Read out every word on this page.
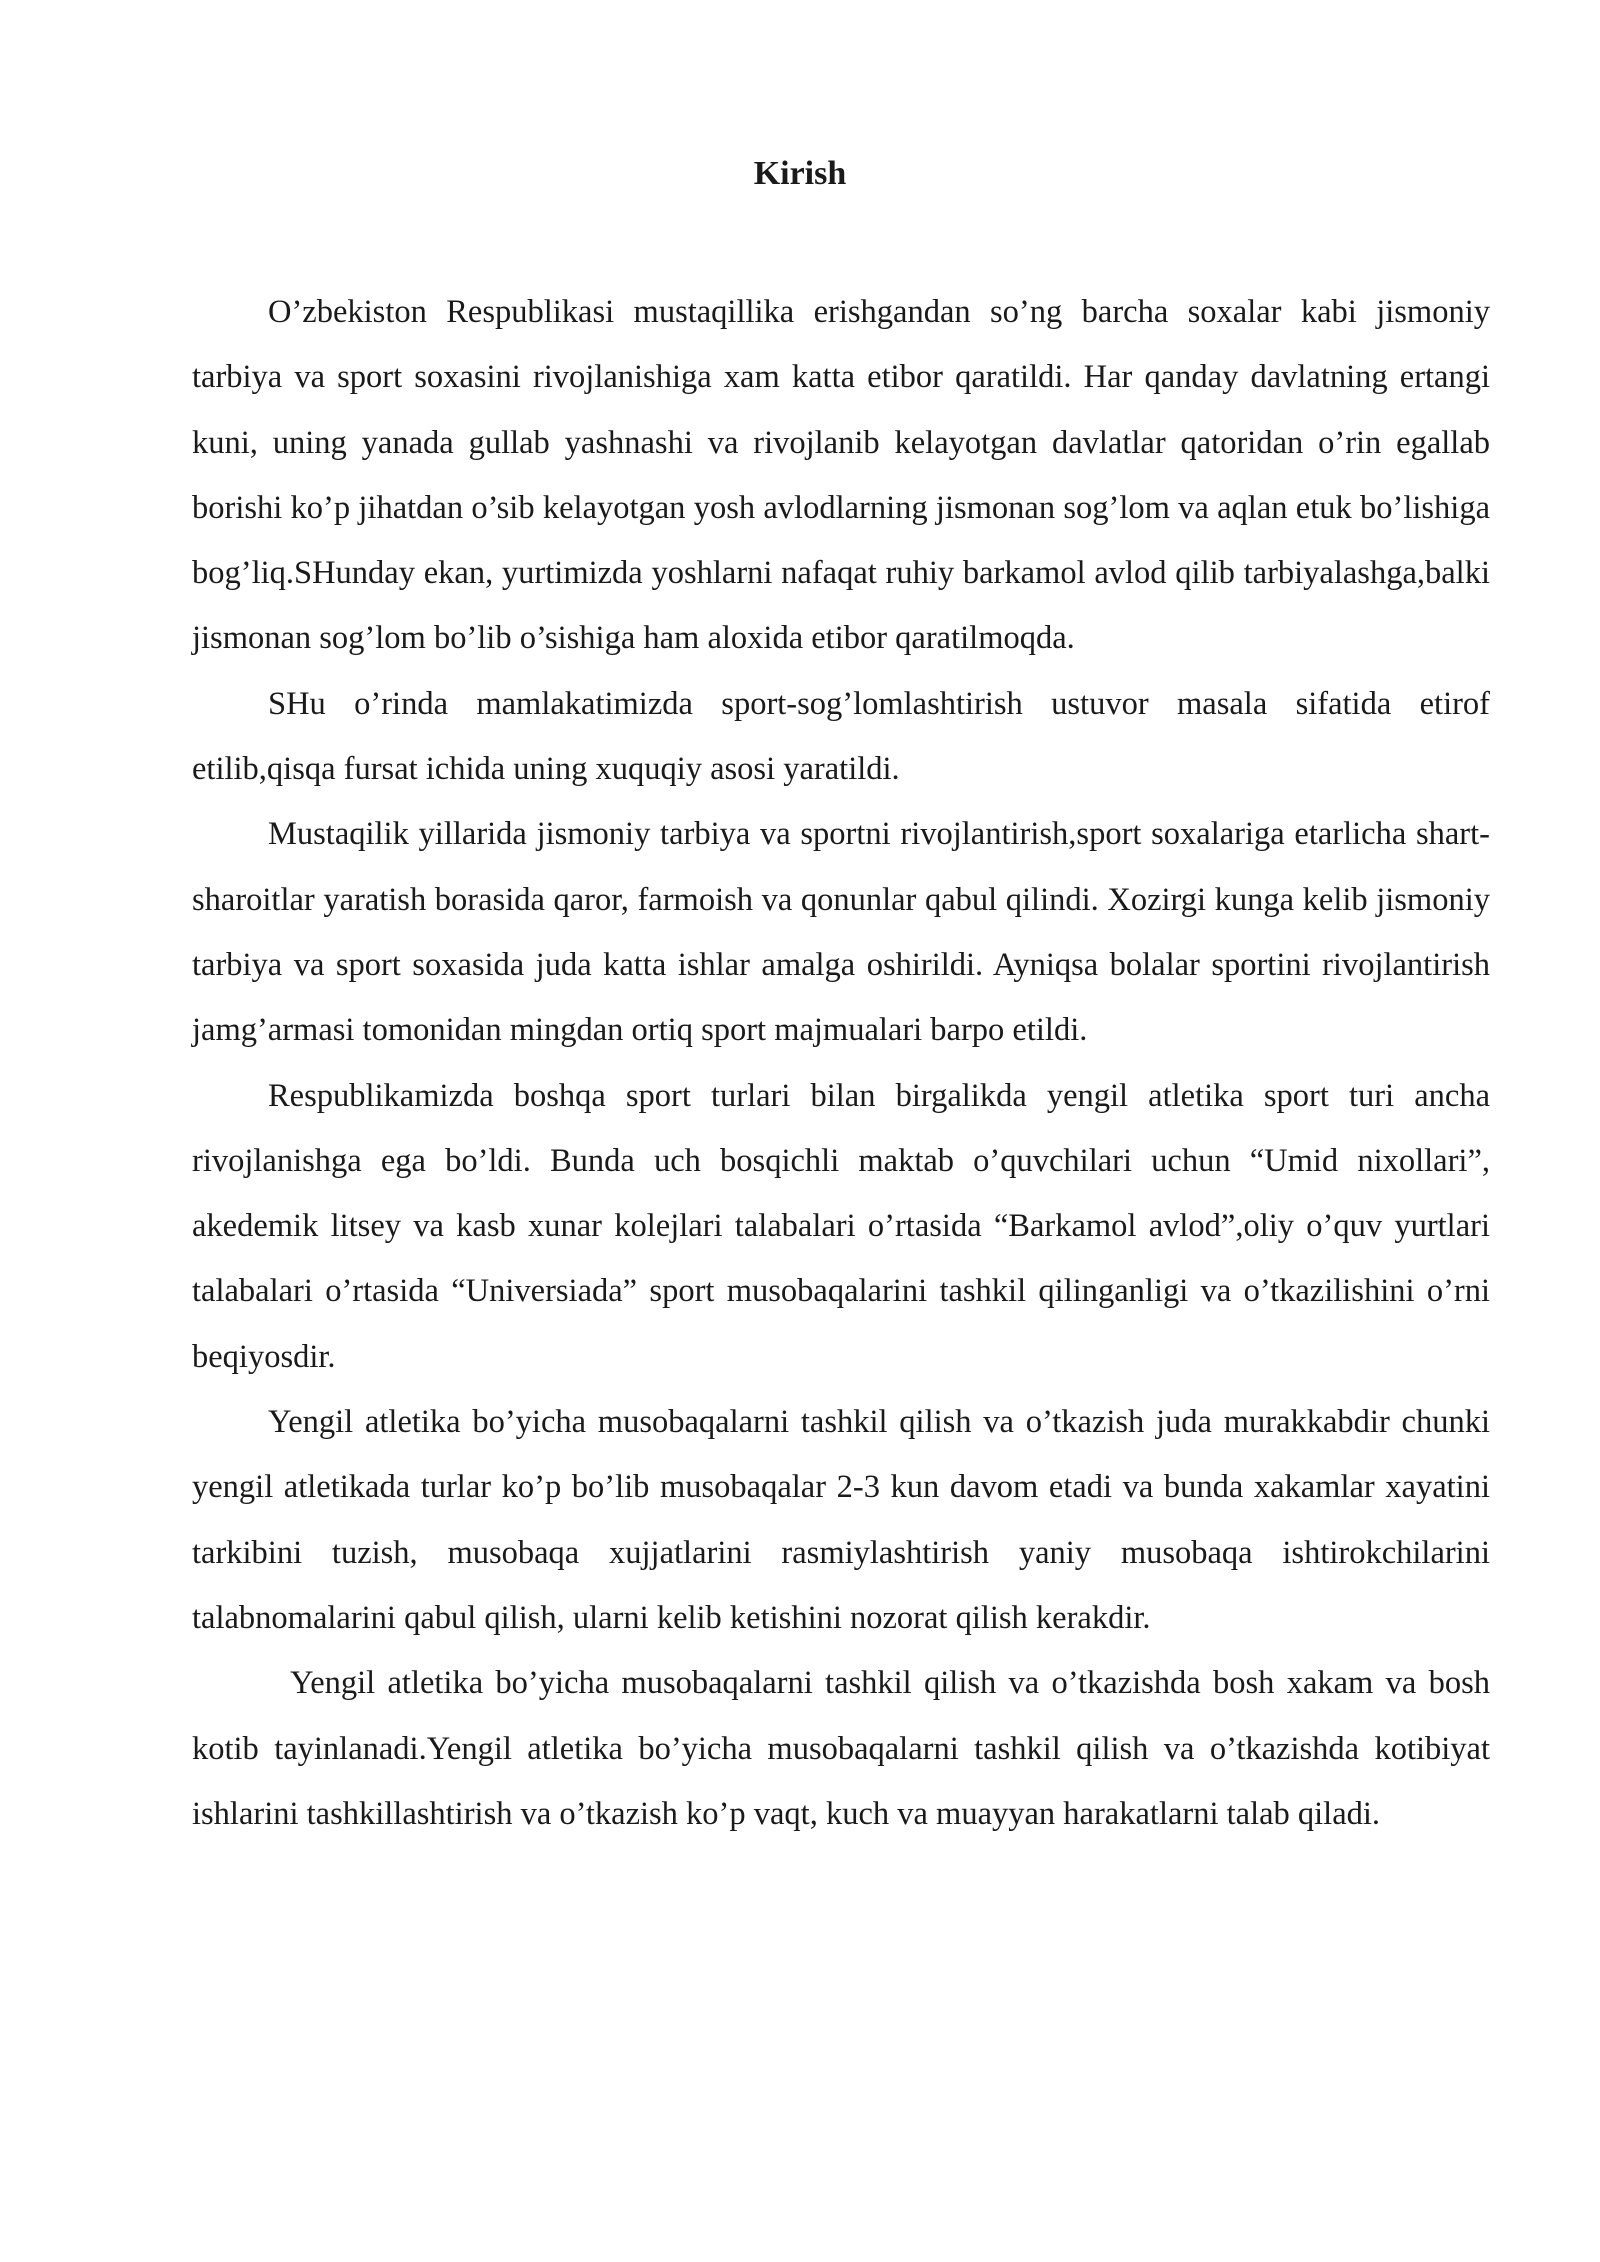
Kirish

O’zbekiston Respublikasi mustaqillika erishgandan so’ng barcha soxalar kabi jismoniy tarbiya va sport soxasini rivojlanishiga xam katta etibor qaratildi. Har qanday davlatning ertangi kuni, uning yanada gullab yashnashi va rivojlanib kelayotgan davlatlar qatoridan o’rin egallab borishi ko’p jihatdan o’sib kelayotgan yosh avlodlarning jismonan sog’lom va aqlan etuk bo’lishiga bog’liq.SHunday ekan, yurtimizda yoshlarni nafaqat ruhiy barkamol avlod qilib tarbiyalashga,balki jismonan sog’lom bo’lib o’sishiga ham aloxida etibor qaratilmoqda.

SHu o’rinda mamlakatimizda sport-sog’lomlashtirish ustuvor masala sifatida etirof etilib,qisqa fursat ichida uning xuquqiy asosi yaratildi.

Mustaqilik yillarida jismoniy tarbiya va sportni rivojlantirish,sport soxalariga etarlicha shart-sharoitlar yaratish borasida qaror, farmoish va qonunlar qabul qilindi. Xozirgi kunga kelib jismoniy tarbiya va sport soxasida juda katta ishlar amalga oshirildi. Ayniqsa bolalar sportini rivojlantirish jamg’armasi tomonidan mingdan ortiq sport majmualari barpo etildi.

Respublikamizda boshqa sport turlari bilan birgalikda yengil atletika sport turi ancha rivojlanishga ega bo’ldi. Bunda uch bosqichli maktab o’quvchilari uchun “Umid nixollari”, akedemik litsey va kasb xunar kolejlari talabalari o’rtasida “Barkamol avlod”,oliy o’quv yurtlari talabalari o’rtasida “Universiada” sport musobaqalarini tashkil qilinganligi va o’tkazilishini o’rni beqiyosdir.

Yengil atletika bo’yicha musobaqalarni tashkil qilish va o’tkazish juda murakkabdir chunki yengil atletikada turlar ko’p bo’lib musobaqalar 2-3 kun davom etadi va bunda xakamlar xayatini tarkibini tuzish, musobaqa xujjatlarini rasmiylashtirish yaniy musobaqa ishtirokchilarini talabnomalarini qabul qilish, ularni kelib ketishini nozorat qilish kerakdir.

Yengil atletika bo’yicha musobaqalarni tashkil qilish va o’tkazishda bosh xakam va bosh kotib tayinlanadi.Yengil atletika bo’yicha musobaqalarni tashkil qilish va o’tkazishda kotibiyat ishlarini tashkillashtirish va o’tkazish ko’p vaqt, kuch va muayyan harakatlarni talab qiladi.
